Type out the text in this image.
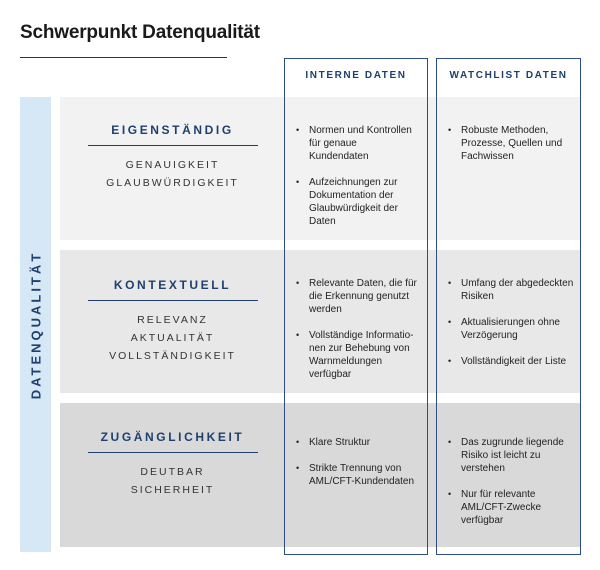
Schwerpunkt Datenqualität
DATENQUALITÄT
EIGENSTÄNDIG
GENAUIGKEIT
GLAUBWÜRDIGKEIT
KONTEXTUELL
RELEVANZ
AKTUALITÄT
VOLLSTÄNDIGKEIT
ZUGÄNGLICHKEIT
DEUTBAR
SICHERHEIT
INTERNE DATEN	WATCHLIST DATEN
• Normen und Kontrollen für genaue Kundendaten
• Aufzeichnungen zur Dokumentation der Glaubwürdigkeit der Daten
• Robuste Methoden, Prozesse, Quellen und Fachwissen
• Relevante Daten, die für die Erkennung genutzt werden
• Vollständige Informatio-nen zur Behebung von Warnmeldungen verfügbar
• Umfang der abgedeckten Risiken
• Aktualisierungen ohne Verzögerung
• Vollständigkeit der Liste
• Klare Struktur
• Strikte Trennung von AML/CFT-Kundendaten
• Das zugrunde liegende Risiko ist leicht zu verstehen
• Nur für relevante AML/CFT-Zwecke verfügbar
